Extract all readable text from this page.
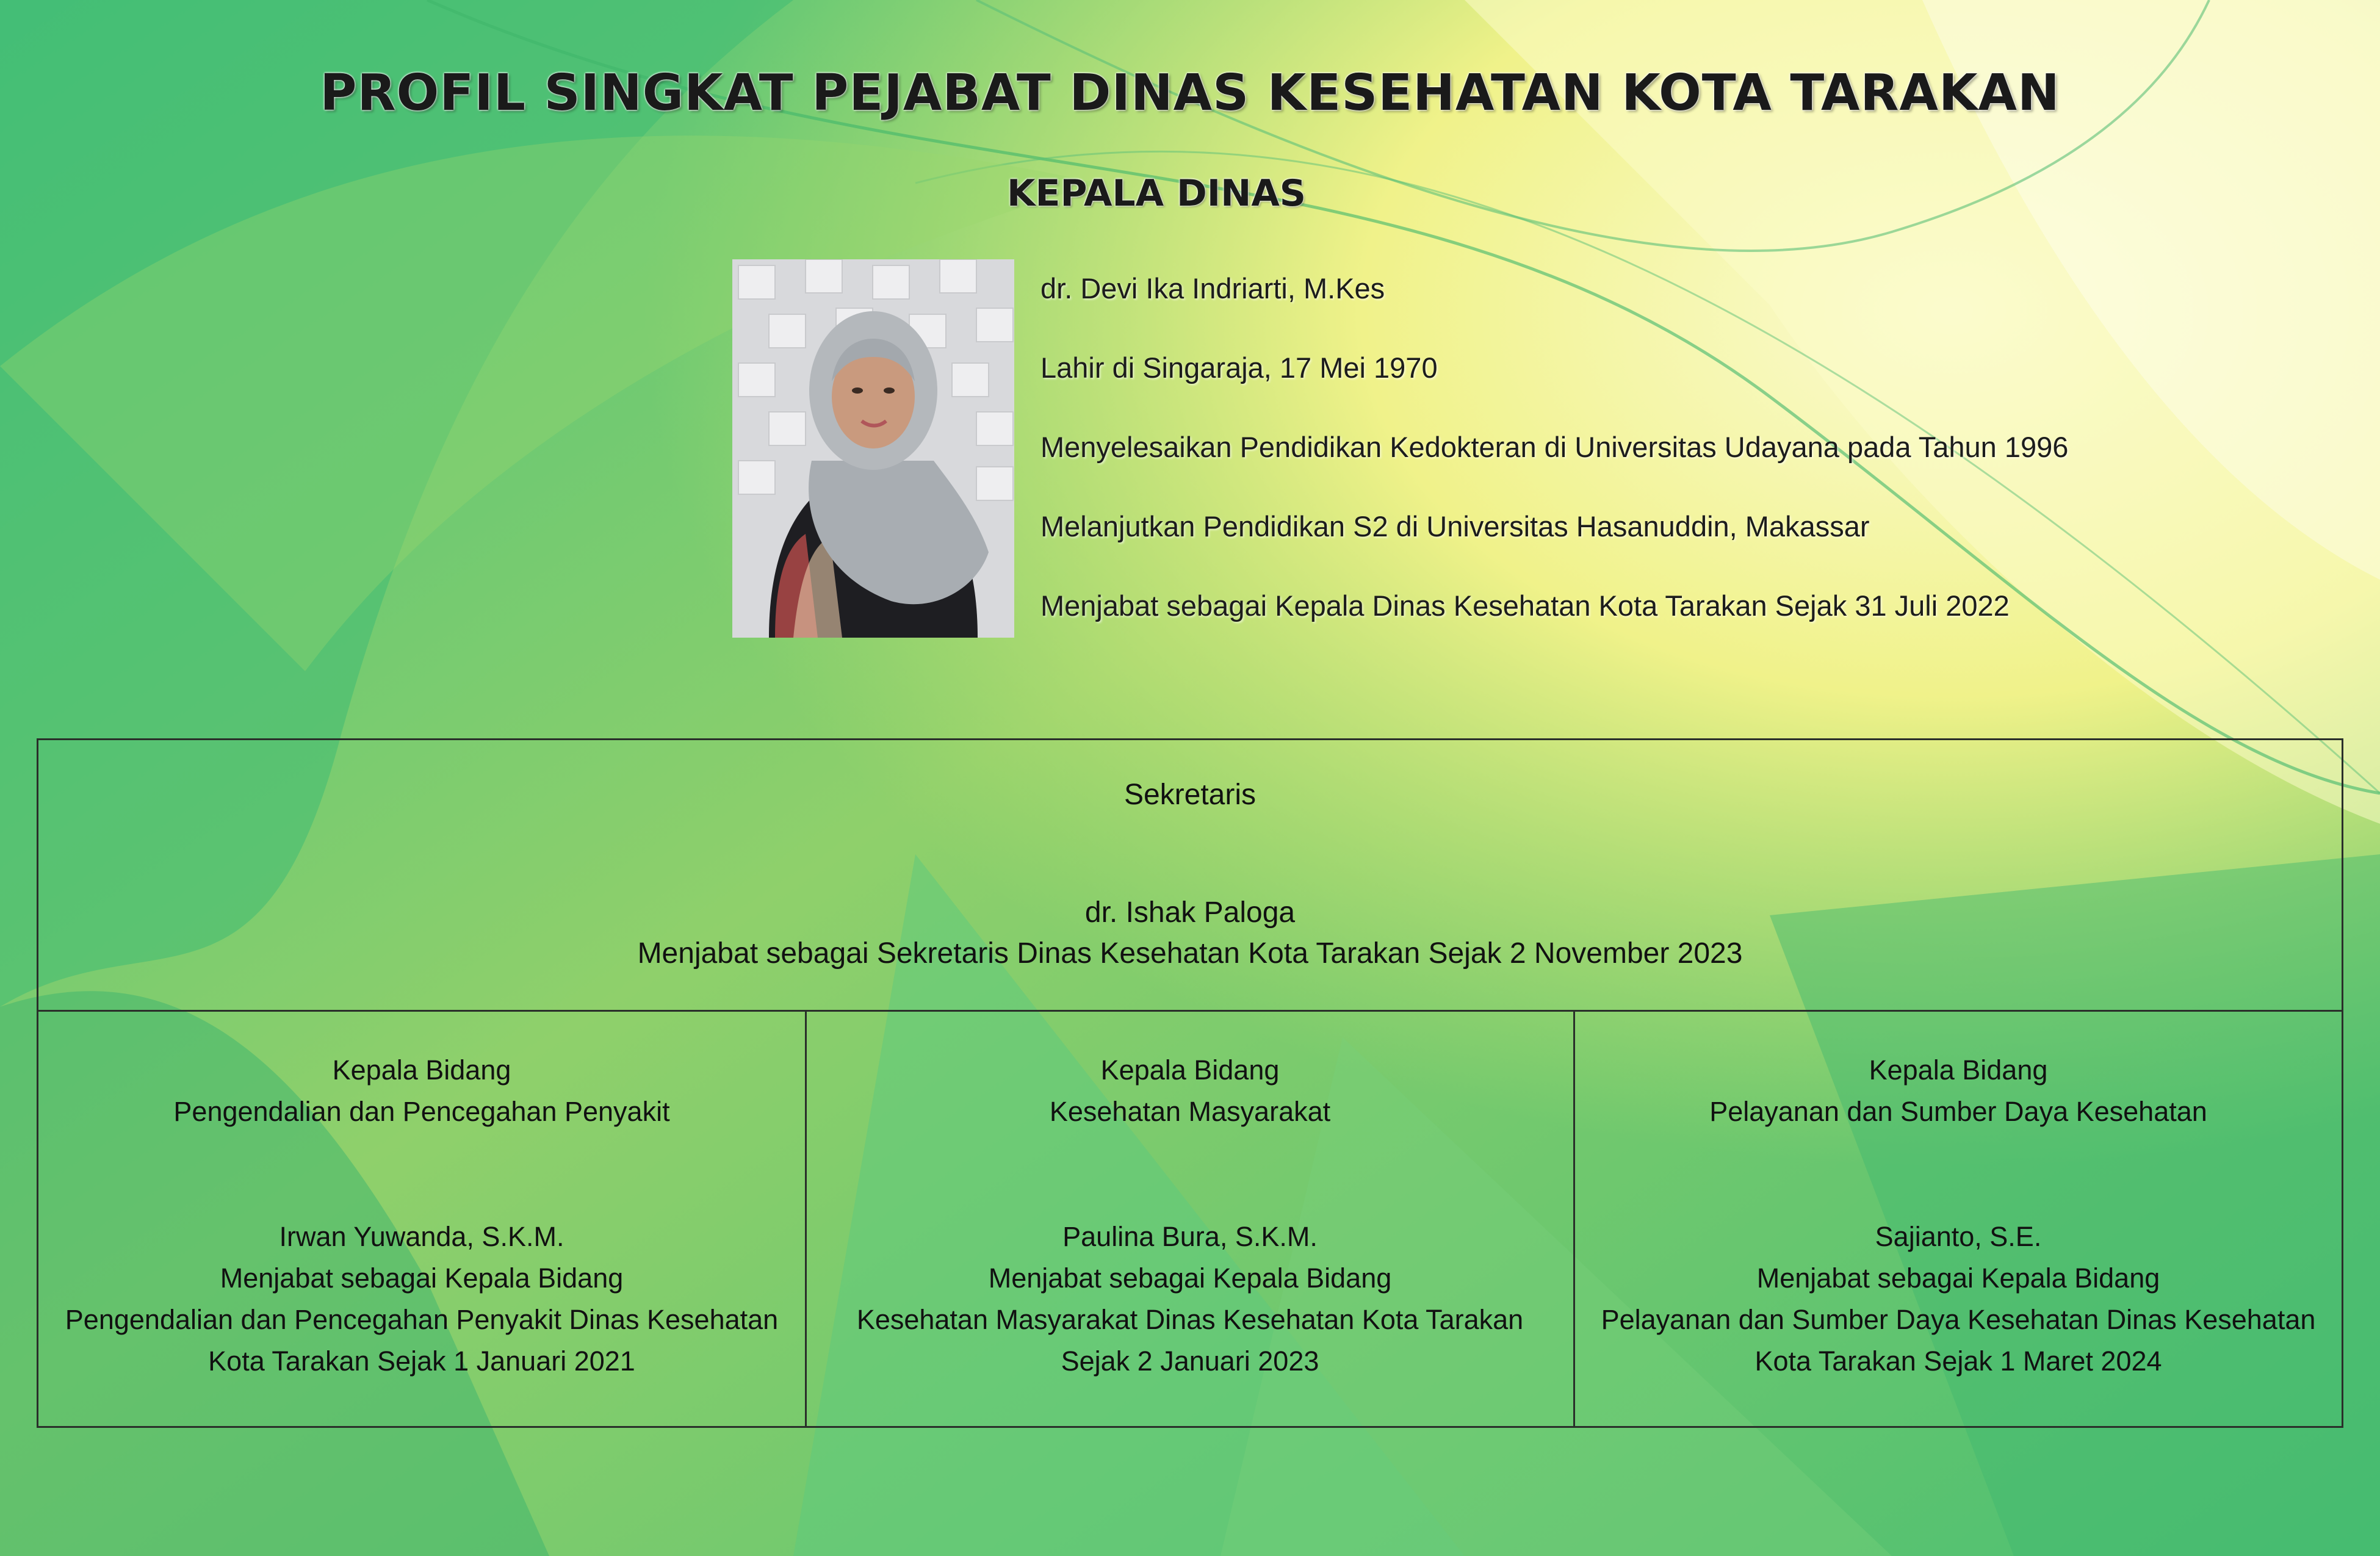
PROFIL SINGKAT PEJABAT DINAS KESEHATAN KOTA TARAKAN
KEPALA DINAS
dr. Devi Ika Indriarti, M.Kes
Lahir di Singaraja, 17 Mei 1970
Menyelesaikan Pendidikan Kedokteran di Universitas Udayana pada Tahun 1996
Melanjutkan Pendidikan S2 di Universitas Hasanuddin, Makassar
Menjabat sebagai Kepala Dinas Kesehatan Kota Tarakan Sejak 31 Juli 2022
Sekretaris
dr. Ishak Paloga
Menjabat sebagai Sekretaris Dinas Kesehatan Kota Tarakan Sejak 2 November 2023
Kepala Bidang
Pengendalian dan Pencegahan Penyakit
Irwan Yuwanda, S.K.M.
Menjabat sebagai Kepala Bidang
Pengendalian dan Pencegahan Penyakit Dinas Kesehatan
Kota Tarakan Sejak 1 Januari 2021
Kepala Bidang
Kesehatan Masyarakat
Paulina Bura, S.K.M.
Menjabat sebagai Kepala Bidang
Kesehatan Masyarakat Dinas Kesehatan Kota Tarakan
Sejak 2 Januari 2023
Kepala Bidang
Pelayanan dan Sumber Daya Kesehatan
Sajianto, S.E.
Menjabat sebagai Kepala Bidang
Pelayanan dan Sumber Daya Kesehatan Dinas Kesehatan
Kota Tarakan Sejak 1 Maret 2024
